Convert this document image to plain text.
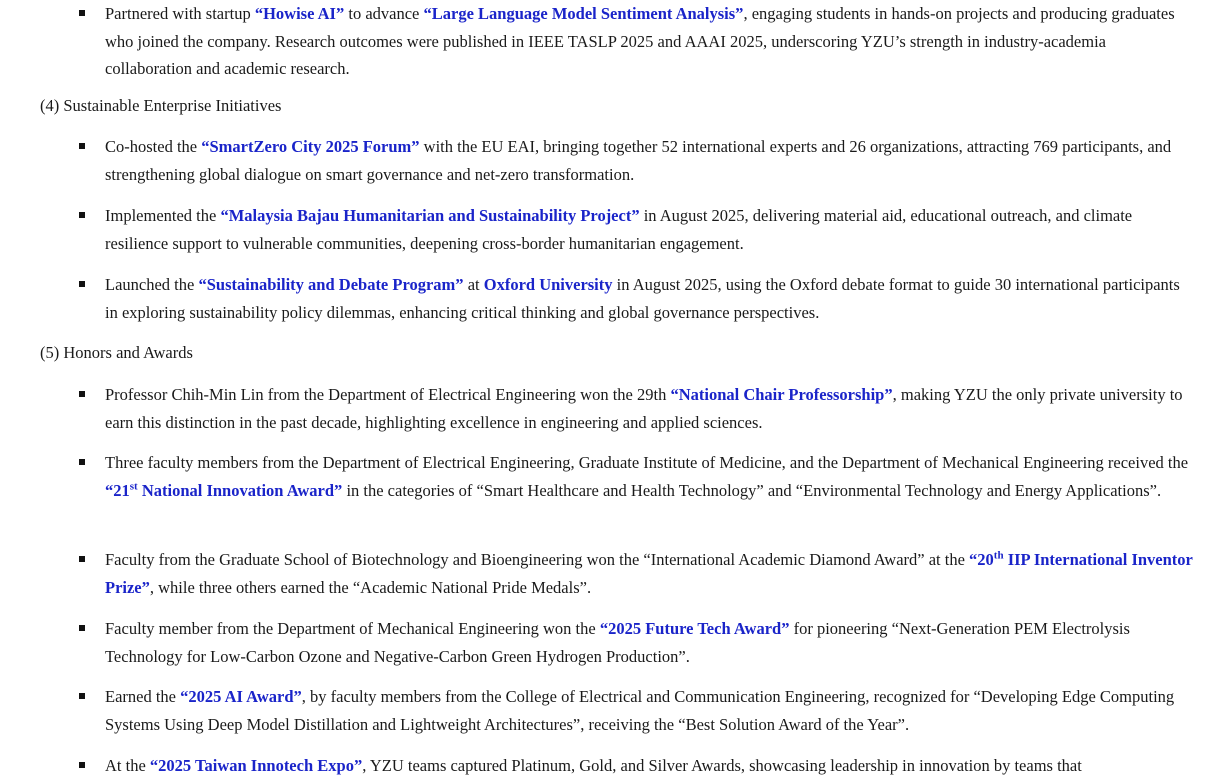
Partnered with startup “Howise AI” to advance “Large Language Model Sentiment Analysis”, engaging students in hands-on projects and producing graduates who joined the company. Research outcomes were published in IEEE TASLP 2025 and AAAI 2025, underscoring YZU’s strength in industry-academia collaboration and academic research.
(4) Sustainable Enterprise Initiatives
Co-hosted the “SmartZero City 2025 Forum” with the EU EAI, bringing together 52 international experts and 26 organizations, attracting 769 participants, and strengthening global dialogue on smart governance and net-zero transformation.
Implemented the “Malaysia Bajau Humanitarian and Sustainability Project” in August 2025, delivering material aid, educational outreach, and climate resilience support to vulnerable communities, deepening cross-border humanitarian engagement.
Launched the “Sustainability and Debate Program” at Oxford University in August 2025, using the Oxford debate format to guide 30 international participants in exploring sustainability policy dilemmas, enhancing critical thinking and global governance perspectives.
(5) Honors and Awards
Professor Chih-Min Lin from the Department of Electrical Engineering won the 29th “National Chair Professorship”, making YZU the only private university to earn this distinction in the past decade, highlighting excellence in engineering and applied sciences.
Three faculty members from the Department of Electrical Engineering, Graduate Institute of Medicine, and the Department of Mechanical Engineering received the “21st National Innovation Award” in the categories of “Smart Healthcare and Health Technology” and “Environmental Technology and Energy Applications”.
Faculty from the Graduate School of Biotechnology and Bioengineering won the “International Academic Diamond Award” at the “20th IIP International Inventor Prize”, while three others earned the “Academic National Pride Medals”.
Faculty member from the Department of Mechanical Engineering won the “2025 Future Tech Award” for pioneering “Next-Generation PEM Electrolysis Technology for Low-Carbon Ozone and Negative-Carbon Green Hydrogen Production”.
Earned the “2025 AI Award”, by faculty members from the College of Electrical and Communication Engineering, recognized for “Developing Edge Computing Systems Using Deep Model Distillation and Lightweight Architectures”, receiving the “Best Solution Award of the Year”.
At the “2025 Taiwan Innotech Expo”, YZU teams captured Platinum, Gold, and Silver Awards, showcasing leadership in innovation by teams that
